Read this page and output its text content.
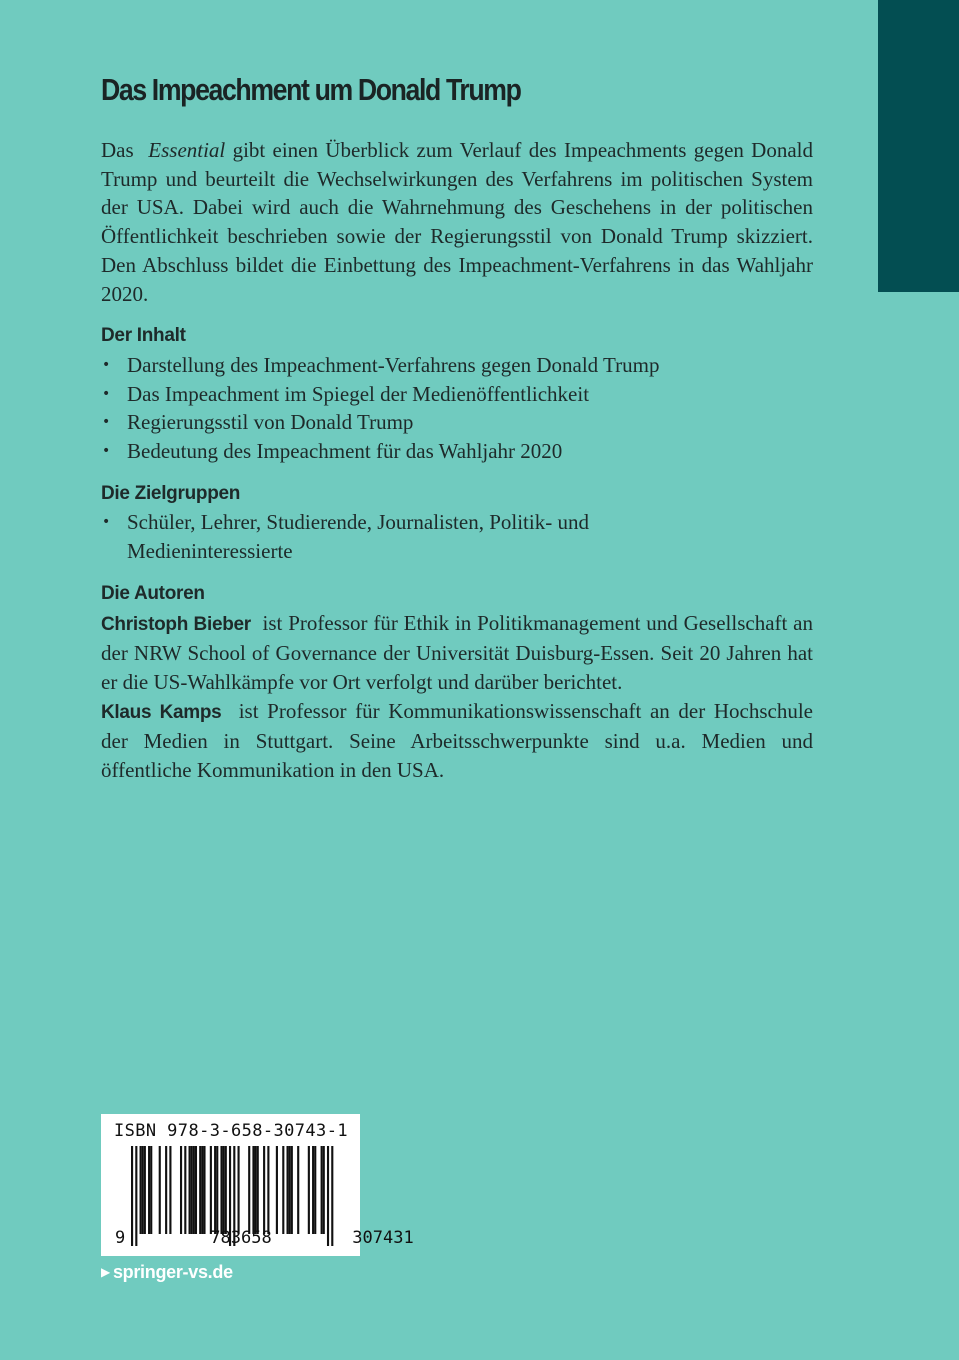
Das Impeachment um Donald Trump

Das Essential gibt einen Überblick zum Verlauf des Impeachments gegen Donald Trump und beurteilt die Wechselwirkungen des Verfahrens im politischen System der USA. Dabei wird auch die Wahrnehmung des Geschehens in der politischen Öffentlichkeit beschrieben sowie der Regierungsstil von Donald Trump skizziert. Den Abschluss bildet die Einbettung des Impeachment-Verfahrens in das Wahljahr 2020.

Der Inhalt
• Darstellung des Impeachment-Verfahrens gegen Donald Trump
• Das Impeachment im Spiegel der Medienöffentlichkeit
• Regierungsstil von Donald Trump
• Bedeutung des Impeachment für das Wahljahr 2020
Die Zielgruppen
• Schüler, Lehrer, Studierende, Journalisten, Politik- und Medieninteressierte
Die Autoren

Christoph Bieber ist Professor für Ethik in Politikmanagement und Gesellschaft an der NRW School of Governance der Universität Duisburg-Essen. Seit 20 Jahren hat er die US-Wahlkämpfe vor Ort verfolgt und darüber berichtet.

Klaus Kamps ist Professor für Kommunikationswissenschaft an der Hochschule der Medien in Stuttgart. Seine Arbeitsschwerpunkte sind u.a. Medien und öffentliche Kommunikation in den USA.

ISBN 978-3-658-30743-1
9	783658	307431
▶ springer-vs.de
